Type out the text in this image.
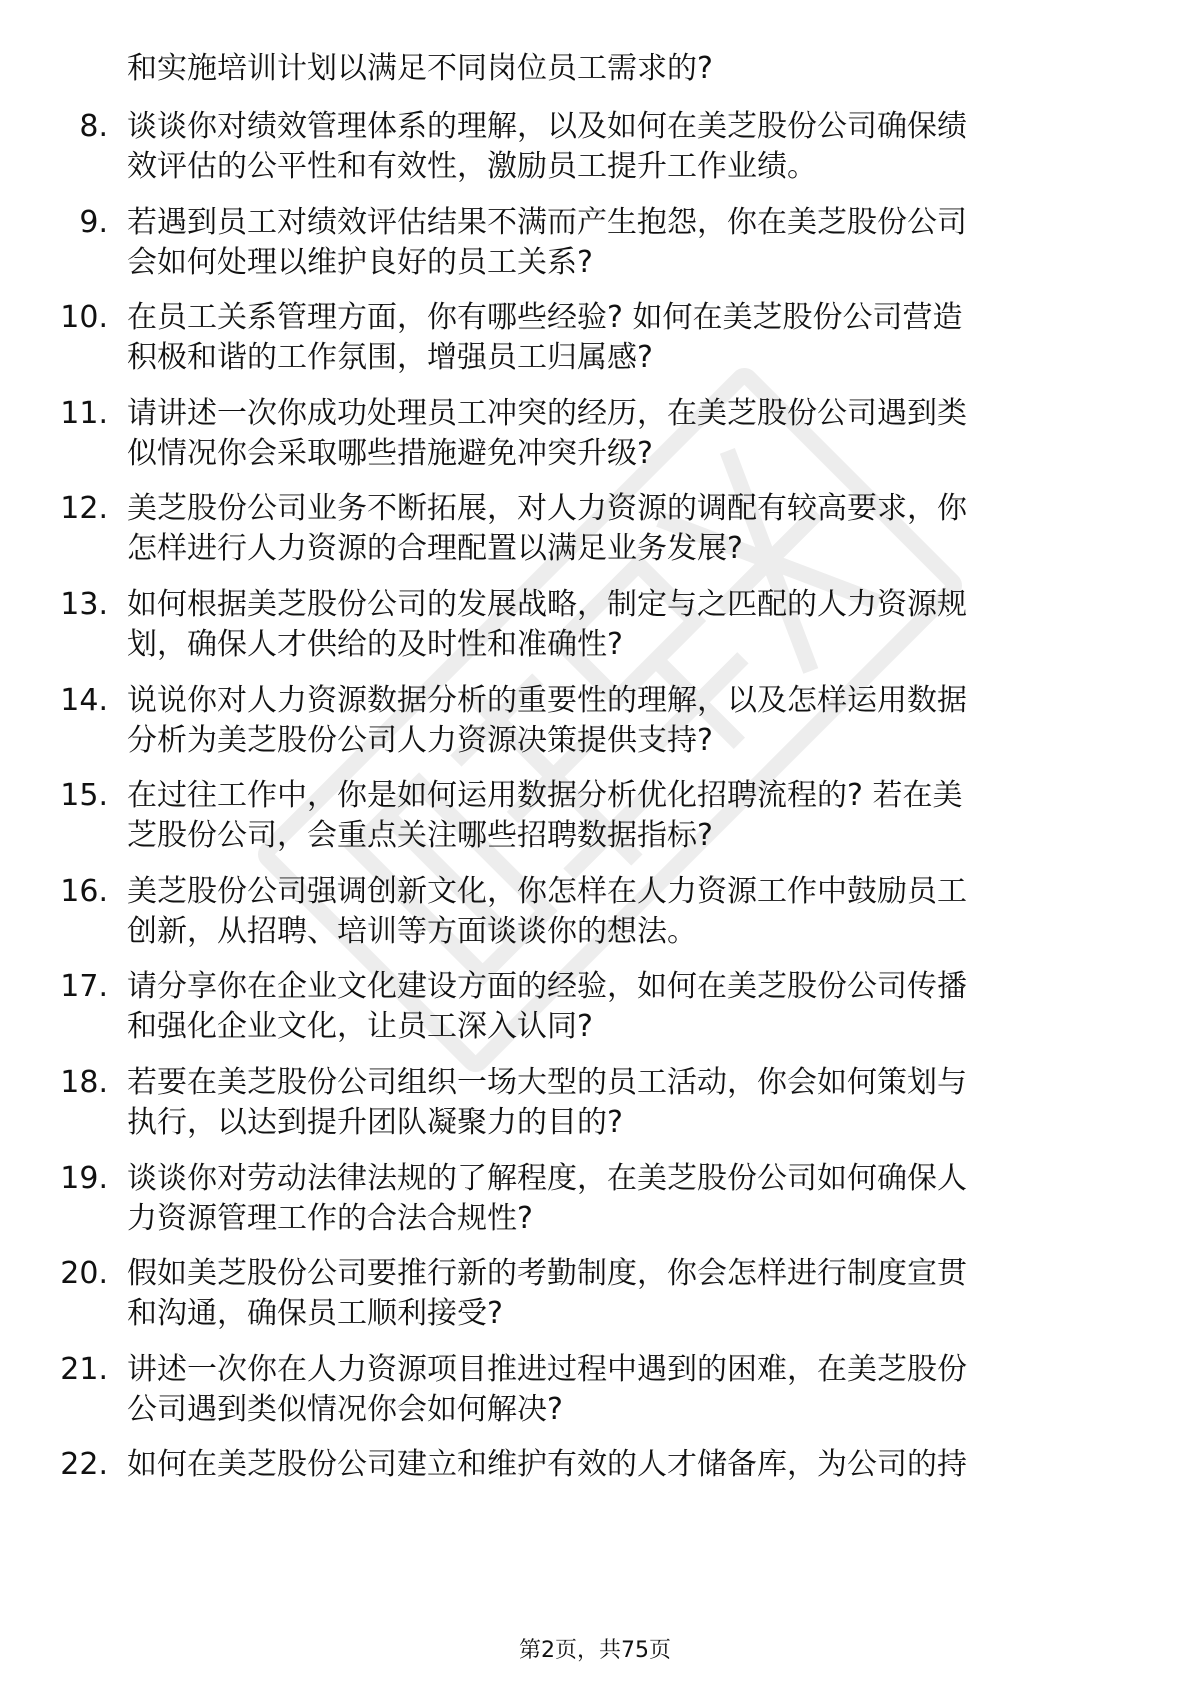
和实施培训计划以满足不同岗位员工需求的?
8. 谈谈你对绩效管理体系的理解，以及如何在美芝股份公司确保绩
效评估的公平性和有效性，激励员工提升工作业绩。
9. 若遇到员工对绩效评估结果不满而产生抱怨，你在美芝股份公司
会如何处理以维护良好的员工关系?
10. 在员工关系管理方面，你有哪些经验? 如何在美芝股份公司营造
积极和谐的工作氛围，增强员工归属感?
11. 请讲述一次你成功处理员工冲突的经历，在美芝股份公司遇到类
似情况你会采取哪些措施避免冲突升级?
12. 美芝股份公司业务不断拓展，对人力资源的调配有较高要求，你
怎样进行人力资源的合理配置以满足业务发展?
13. 如何根据美芝股份公司的发展战略，制定与之匹配的人力资源规
划，确保人才供给的及时性和准确性?
14. 说说你对人力资源数据分析的重要性的理解，以及怎样运用数据
分析为美芝股份公司人力资源决策提供支持?
15. 在过往工作中，你是如何运用数据分析优化招聘流程的? 若在美
芝股份公司，会重点关注哪些招聘数据指标?
16. 美芝股份公司强调创新文化，你怎样在人力资源工作中鼓励员工
创新，从招聘、培训等方面谈谈你的想法。
17. 请分享你在企业文化建设方面的经验，如何在美芝股份公司传播
和强化企业文化，让员工深入认同?
18. 若要在美芝股份公司组织一场大型的员工活动，你会如何策划与
执行，以达到提升团队凝聚力的目的?
19. 谈谈你对劳动法律法规的了解程度，在美芝股份公司如何确保人
力资源管理工作的合法合规性?
20. 假如美芝股份公司要推行新的考勤制度，你会怎样进行制度宣贯
和沟通，确保员工顺利接受?
21. 讲述一次你在人力资源项目推进过程中遇到的困难，在美芝股份
公司遇到类似情况你会如何解决?
22. 如何在美芝股份公司建立和维护有效的人才储备库，为公司的持
第2页，共75页
